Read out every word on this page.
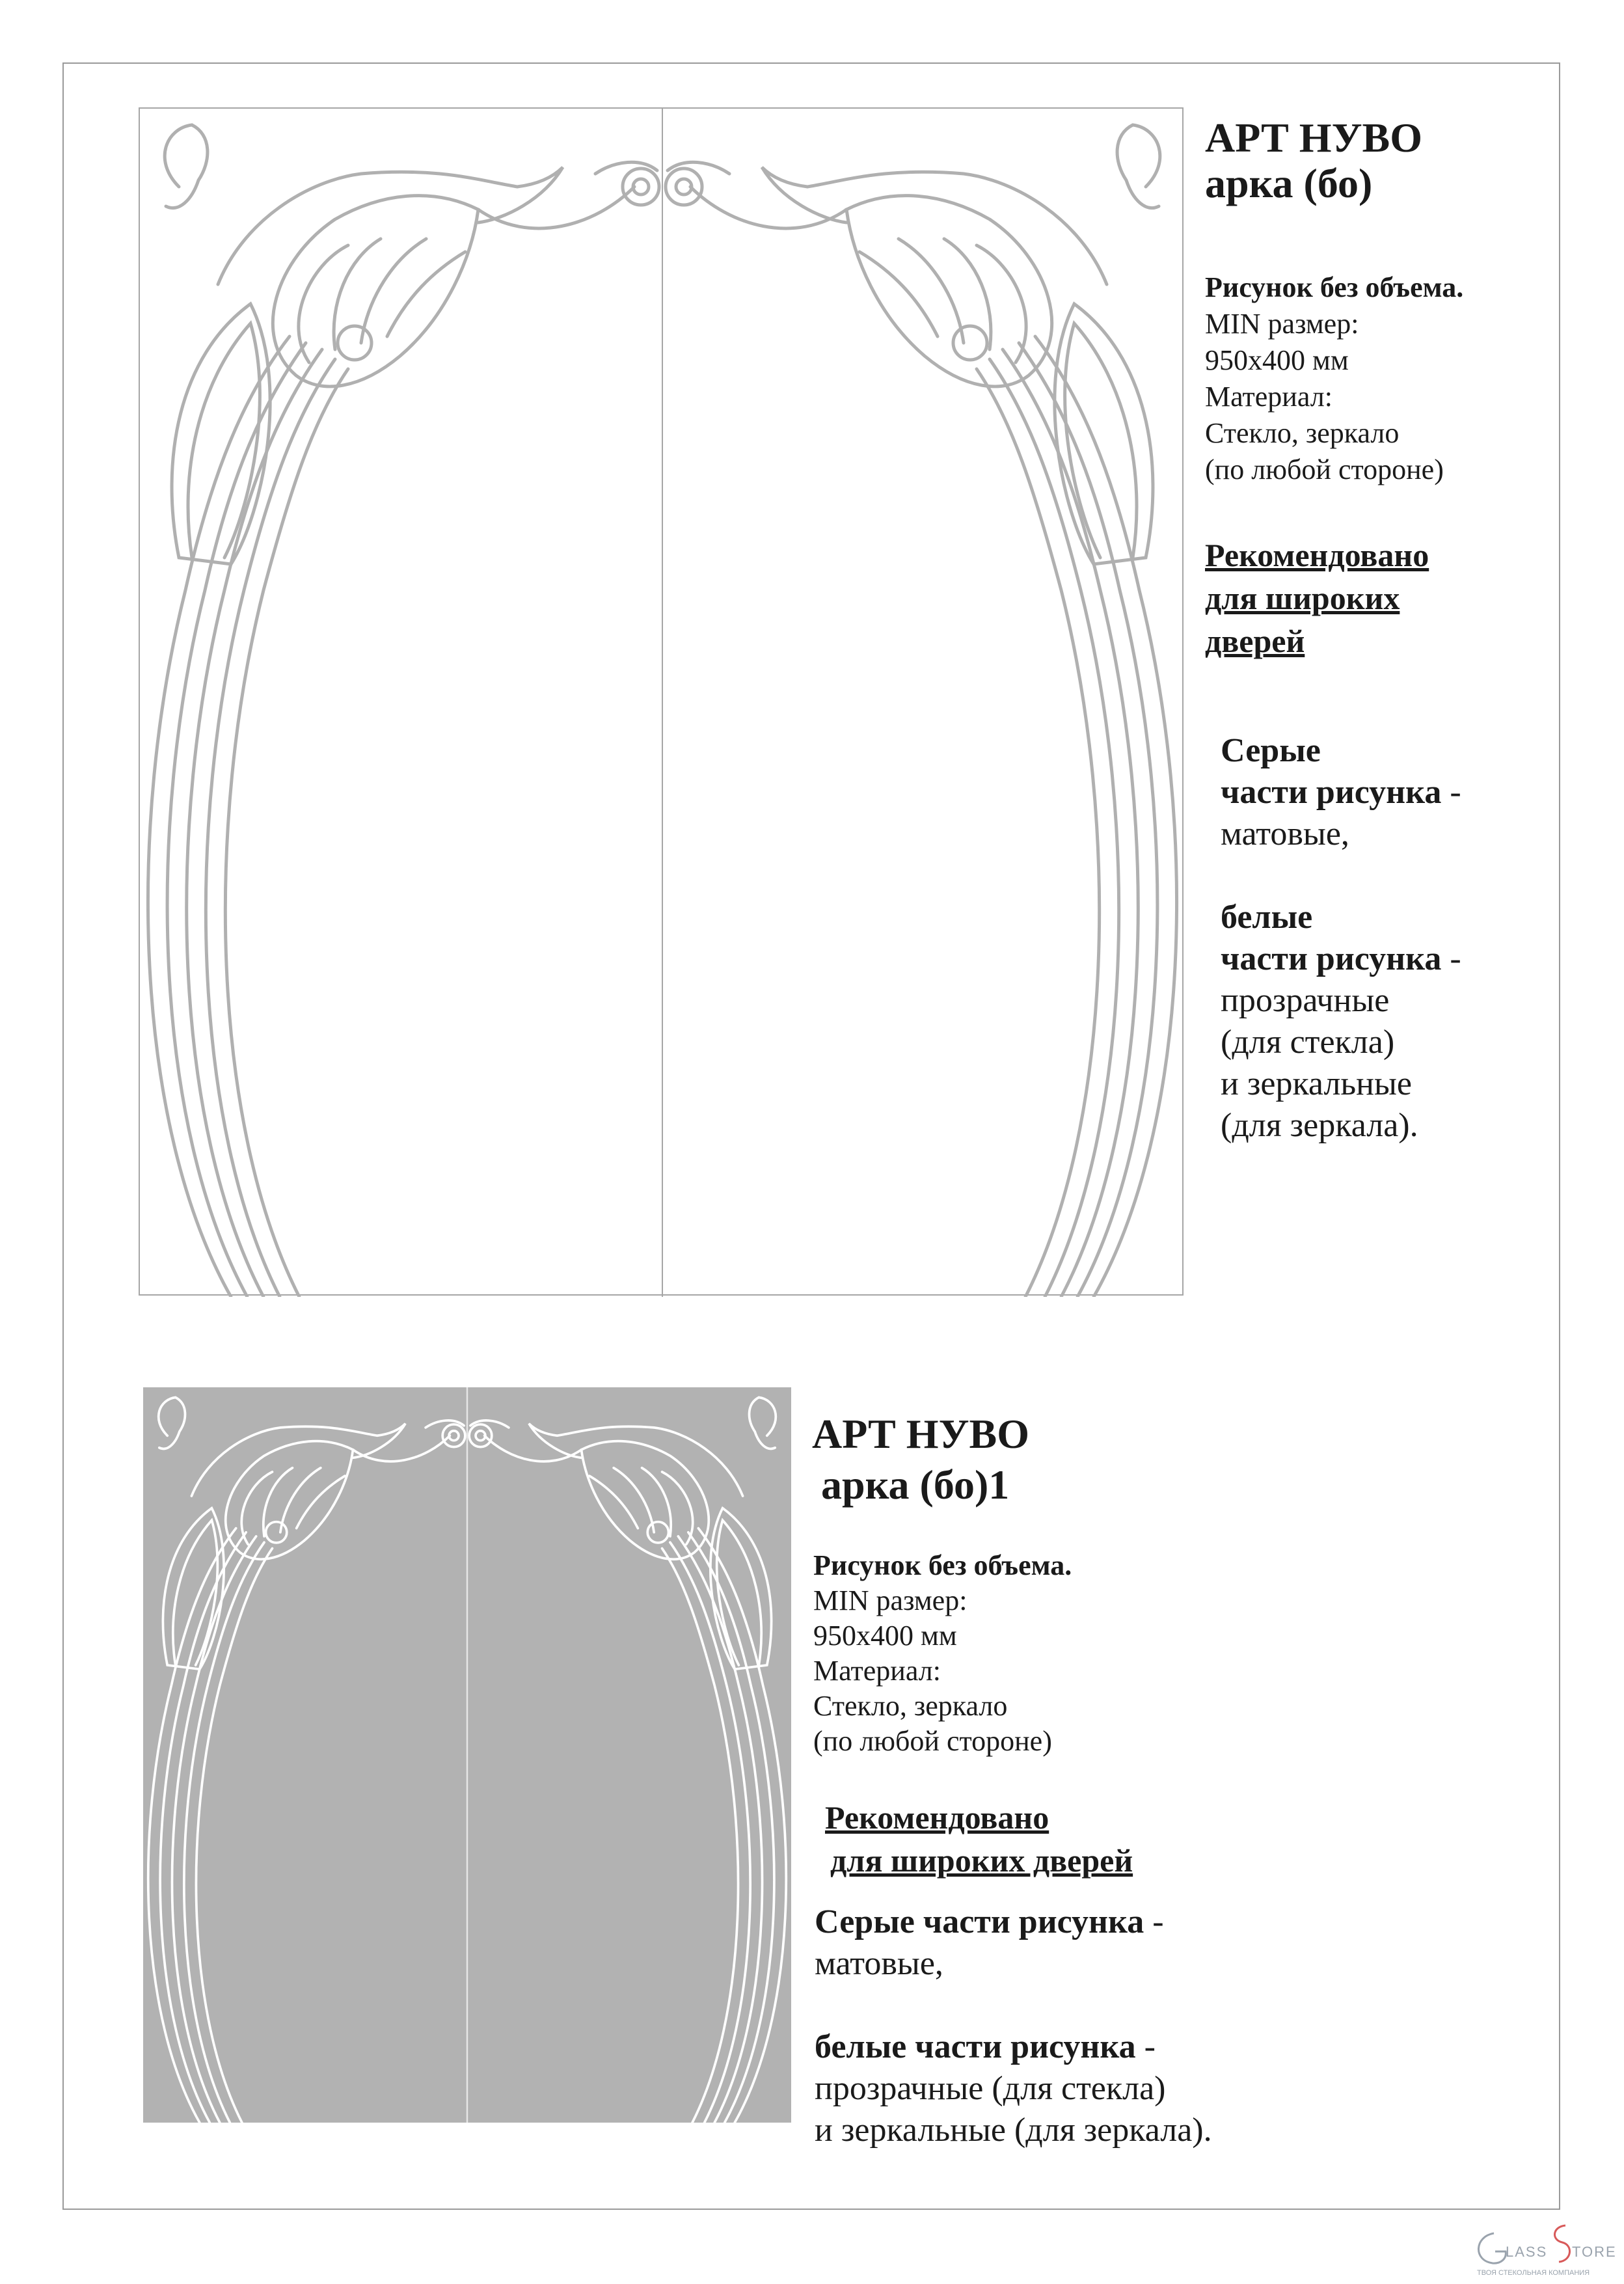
АРТ НУВО
арка (бо)
Рисунок без объема.
MIN размер:
950x400 мм
Материал:
Стекло, зеркало
(по любой стороне)
Рекомендовано
для широких
дверей
Серые
части рисунка -
матовые,
белые
части рисунка -
прозрачные
(для стекла)
и зеркальные
(для зеркала).
АРТ НУВО
арка (бо)1
Рисунок без объема.
MIN размер:
950x400 мм
Материал:
Стекло, зеркало
(по любой стороне)
Рекомендовано
для широких дверей
Серые части рисунка -
матовые,
белые части рисунка -
прозрачные (для стекла)
и зеркальные (для зеркала).
LASS TORE
ТВОЯ СТЕКОЛЬНАЯ КОМПАНИЯ
